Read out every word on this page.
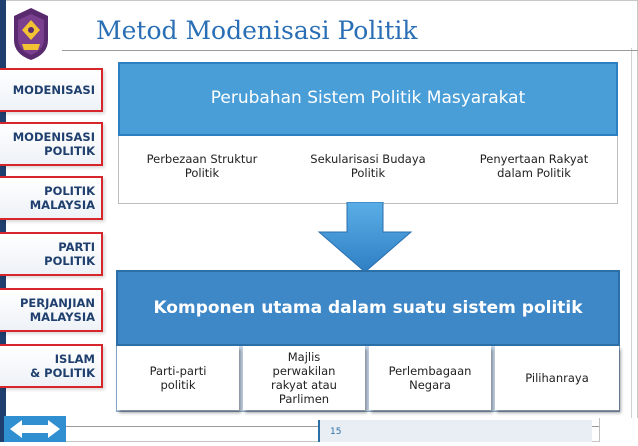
Metod Modenisasi Politik
MODENISASI
MODENISASI
POLITIK
POLITIK
MALAYSIA
PARTI
POLITIK
PERJANJIAN
MALAYSIA
ISLAM
& POLITIK
Perubahan Sistem Politik Masyarakat
Perbezaan Struktur
Politik
Sekularisasi Budaya
Politik
Penyertaan Rakyat
dalam Politik
Komponen utama dalam suatu sistem politik
Parti-parti
politik
Majlis
perwakilan
rakyat atau
Parlimen
Perlembagaan
Negara	Pilihanraya
15
